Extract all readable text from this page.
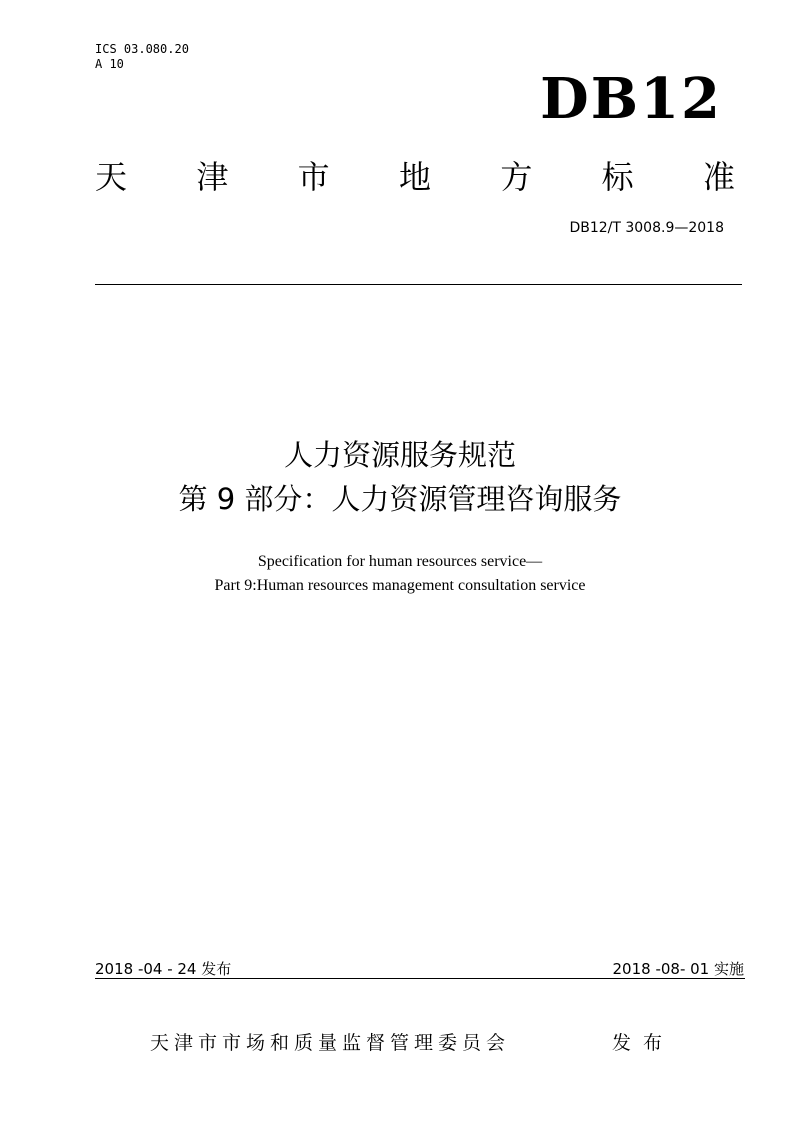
ICS 03.080.20
A 10
DB12
天 津 市 地 方 标 准
DB12/T 3008.9—2018
人力资源服务规范
第 9 部分：人力资源管理咨询服务
Specification for human resources service—
Part 9:Human resources management consultation service
2018 -04 - 24 发布	2018 -08- 01 实施
天津市市场和质量监督管理委员会	发布
